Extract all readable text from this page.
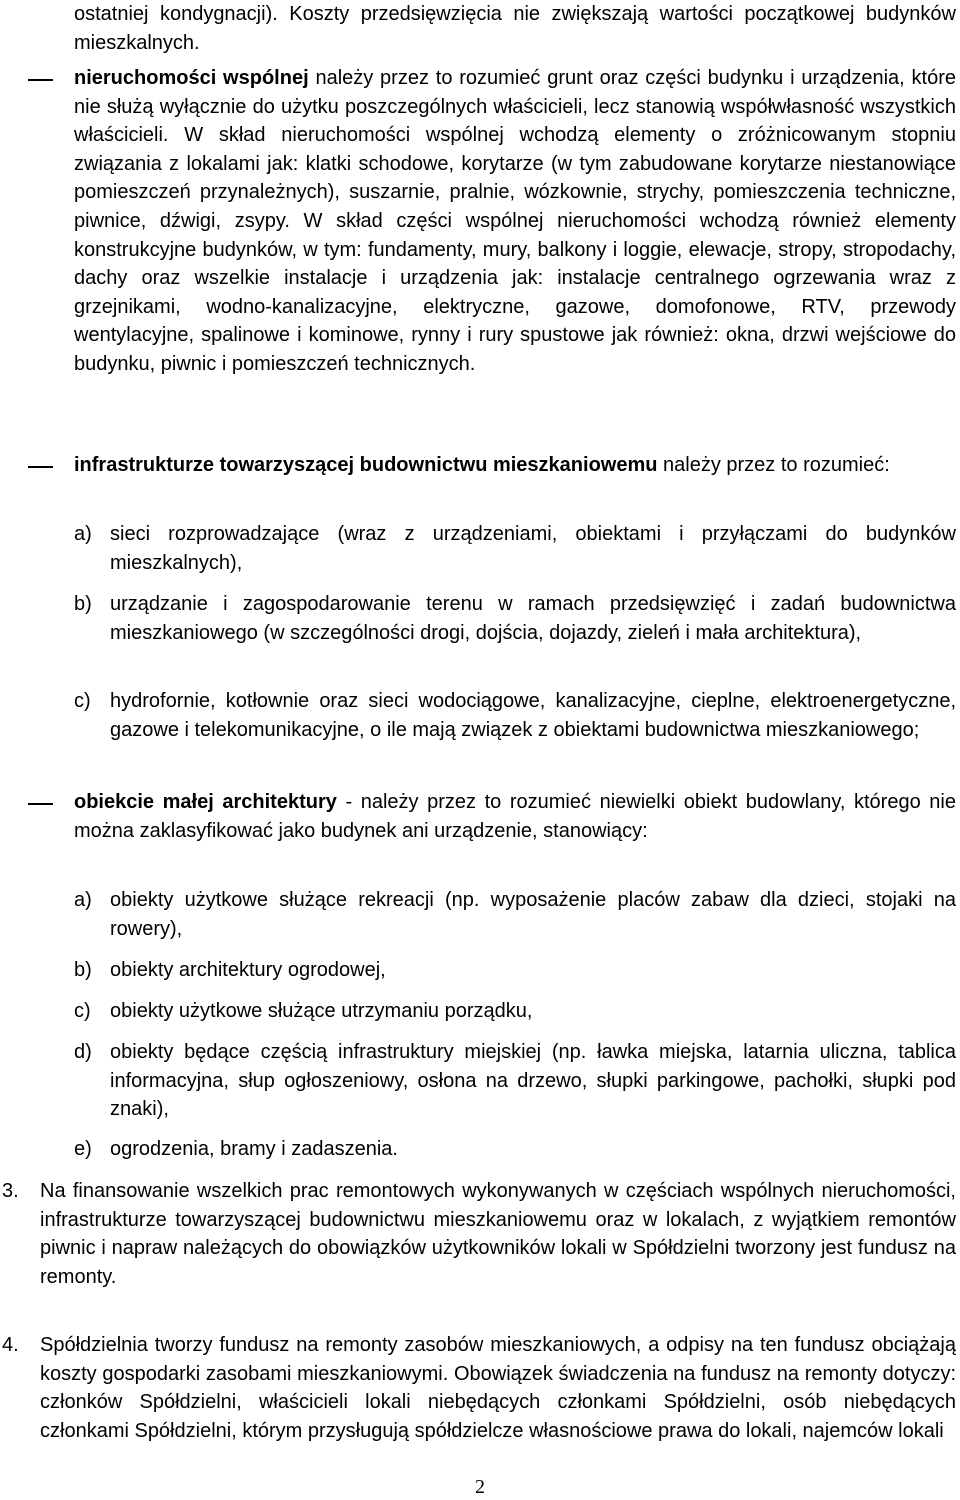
ostatniej kondygnacji). Koszty przedsięwzięcia nie zwiększają wartości początkowej budynków mieszkalnych.

nieruchomości wspólnej należy przez to rozumieć grunt oraz części budynku i urządzenia, które nie służą wyłącznie do użytku poszczególnych właścicieli, lecz stanowią współwłasność wszystkich właścicieli. W skład nieruchomości wspólnej wchodzą elementy o zróżnicowanym stopniu związania z lokalami jak: klatki schodowe, korytarze (w tym zabudowane korytarze niestanowiące pomieszczeń przynależnych), suszarnie, pralnie, wózkownie, strychy, pomieszczenia techniczne, piwnice, dźwigi, zsypy. W skład części wspólnej nieruchomości wchodzą również elementy konstrukcyjne budynków, w tym: fundamenty, mury, balkony i loggie, elewacje, stropy, stropodachy, dachy oraz wszelkie instalacje i urządzenia jak: instalacje centralnego ogrzewania wraz z grzejnikami, wodno-kanalizacyjne, elektryczne, gazowe, domofonowe, RTV, przewody wentylacyjne, spalinowe i kominowe, rynny i rury spustowe jak również: okna, drzwi wejściowe do budynku, piwnic i pomieszczeń technicznych.

infrastrukturze towarzyszącej budownictwu mieszkaniowemu należy przez to rozumieć:

a) sieci rozprowadzające (wraz z urządzeniami, obiektami i przyłączami do budynków mieszkalnych),

b) urządzanie i zagospodarowanie terenu w ramach przedsięwzięć i zadań budownictwa mieszkaniowego (w szczególności drogi, dojścia, dojazdy, zieleń i mała architektura),

c) hydrofornie, kotłownie oraz sieci wodociągowe, kanalizacyjne, cieplne, elektroenergetyczne, gazowe i telekomunikacyjne, o ile mają związek z obiektami budownictwa mieszkaniowego;

obiekcie małej architektury - należy przez to rozumieć niewielki obiekt budowlany, którego nie można zaklasyfikować jako budynek ani urządzenie, stanowiący:

a) obiekty użytkowe służące rekreacji (np. wyposażenie placów zabaw dla dzieci, stojaki na rowery),

b) obiekty architektury ogrodowej,

c) obiekty użytkowe służące utrzymaniu porządku,

d) obiekty będące częścią infrastruktury miejskiej (np. ławka miejska, latarnia uliczna, tablica informacyjna, słup ogłoszeniowy, osłona na drzewo, słupki parkingowe, pachołki, słupki pod znaki),

e) ogrodzenia, bramy i zadaszenia.

3.	Na finansowanie wszelkich prac remontowych wykonywanych w częściach wspólnych nieruchomości, infrastrukturze towarzyszącej budownictwu mieszkaniowemu oraz w lokalach, z wyjątkiem remontów piwnic i napraw należących do obowiązków użytkowników lokali w Spółdzielni tworzony jest fundusz na remonty.

4.	Spółdzielnia tworzy fundusz na remonty zasobów mieszkaniowych, a odpisy na ten fundusz obciążają koszty gospodarki zasobami mieszkaniowymi. Obowiązek świadczenia na fundusz na remonty dotyczy: członków Spółdzielni, właścicieli lokali niebędących członkami Spółdzielni, osób niebędących członkami Spółdzielni, którym przysługują spółdzielcze własnościowe prawa do lokali, najemców lokali

2
